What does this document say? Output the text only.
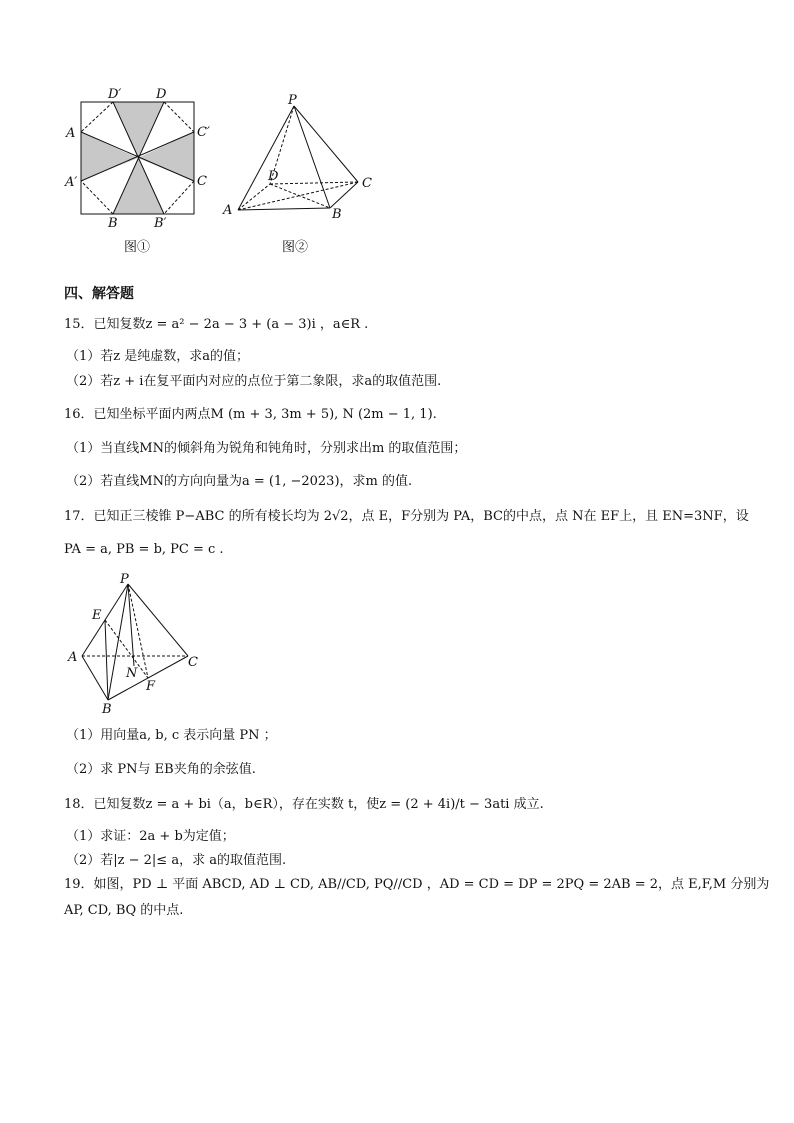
D′	D
A	C′
A′	C
B	B′
图①
P
D	C
A	B
图②
四、解答题
15．已知复数z = a² − 2a − 3 + (a − 3)i ，a∈R .
（1）若z 是纯虚数，求a的值；
（2）若z + i在复平面内对应的点位于第二象限，求a的取值范围.
16．已知坐标平面内两点M (m + 3, 3m + 5), N (2m − 1, 1).
（1）当直线MN的倾斜角为锐角和钝角时，分别求出m 的取值范围；
（2）若直线MN的方向向量为a = (1, −2023)，求m 的值.
17．已知正三棱锥 P−ABC 的所有棱长均为 2√2，点 E，F分别为 PA，BC的中点，点 N在 EF上，且 EN=3NF，设
PA = a, PB = b, PC = c .
P
E
A	C
N
F
B
（1）用向量a, b, c 表示向量 PN ；
（2）求 PN与 EB夹角的余弦值.
18．已知复数z = a + bi（a，b∈R），存在实数 t，使z = (2 + 4i)/t − 3ati 成立.
（1）求证：2a + b为定值；
（2）若|z − 2|≤ a，求 a的取值范围.
19．如图，PD ⊥ 平面 ABCD, AD ⊥ CD, AB//CD, PQ//CD ，AD = CD = DP = 2PQ = 2AB = 2，点 E,F,M 分别为
AP, CD, BQ 的中点.
